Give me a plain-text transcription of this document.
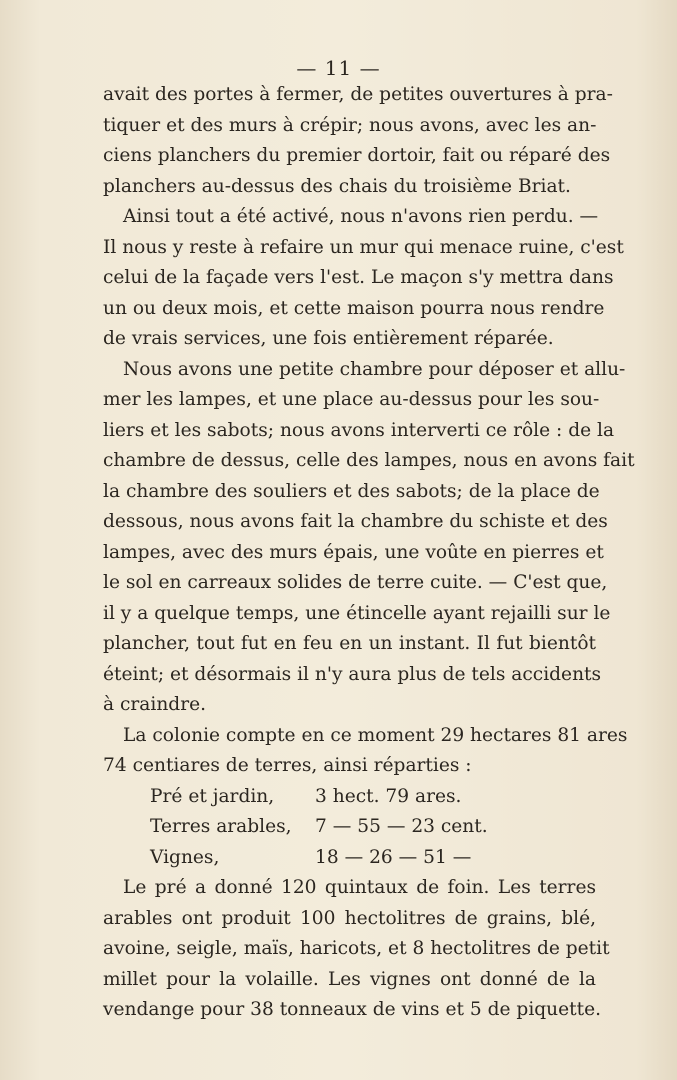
— 11 —
avait des portes à fermer, de petites ouvertures à pra-
tiquer et des murs à crépir; nous avons, avec les an-
ciens planchers du premier dortoir, fait ou réparé des
planchers au-dessus des chais du troisième Briat.
Ainsi tout a été activé, nous n'avons rien perdu. —
Il nous y reste à refaire un mur qui menace ruine, c'est
celui de la façade vers l'est. Le maçon s'y mettra dans
un ou deux mois, et cette maison pourra nous rendre
de vrais services, une fois entièrement réparée.
Nous avons une petite chambre pour déposer et allu-
mer les lampes, et une place au-dessus pour les sou-
liers et les sabots; nous avons interverti ce rôle : de la
chambre de dessus, celle des lampes, nous en avons fait
la chambre des souliers et des sabots; de la place de
dessous, nous avons fait la chambre du schiste et des
lampes, avec des murs épais, une voûte en pierres et
le sol en carreaux solides de terre cuite. — C'est que,
il y a quelque temps, une étincelle ayant rejailli sur le
plancher, tout fut en feu en un instant. Il fut bientôt
éteint; et désormais il n'y aura plus de tels accidents
à craindre.
La colonie compte en ce moment 29 hectares 81 ares
74 centiares de terres, ainsi réparties :
Pré et jardin,	3 hect. 79 ares.
Terres arables,	7 — 55 — 23 cent.
Vignes,	18 — 26 — 51 —
Le pré a donné 120 quintaux de foin. Les terres
arables ont produit 100 hectolitres de grains, blé,
avoine, seigle, maïs, haricots, et 8 hectolitres de petit
millet pour la volaille. Les vignes ont donné de la
vendange pour 38 tonneaux de vins et 5 de piquette.
